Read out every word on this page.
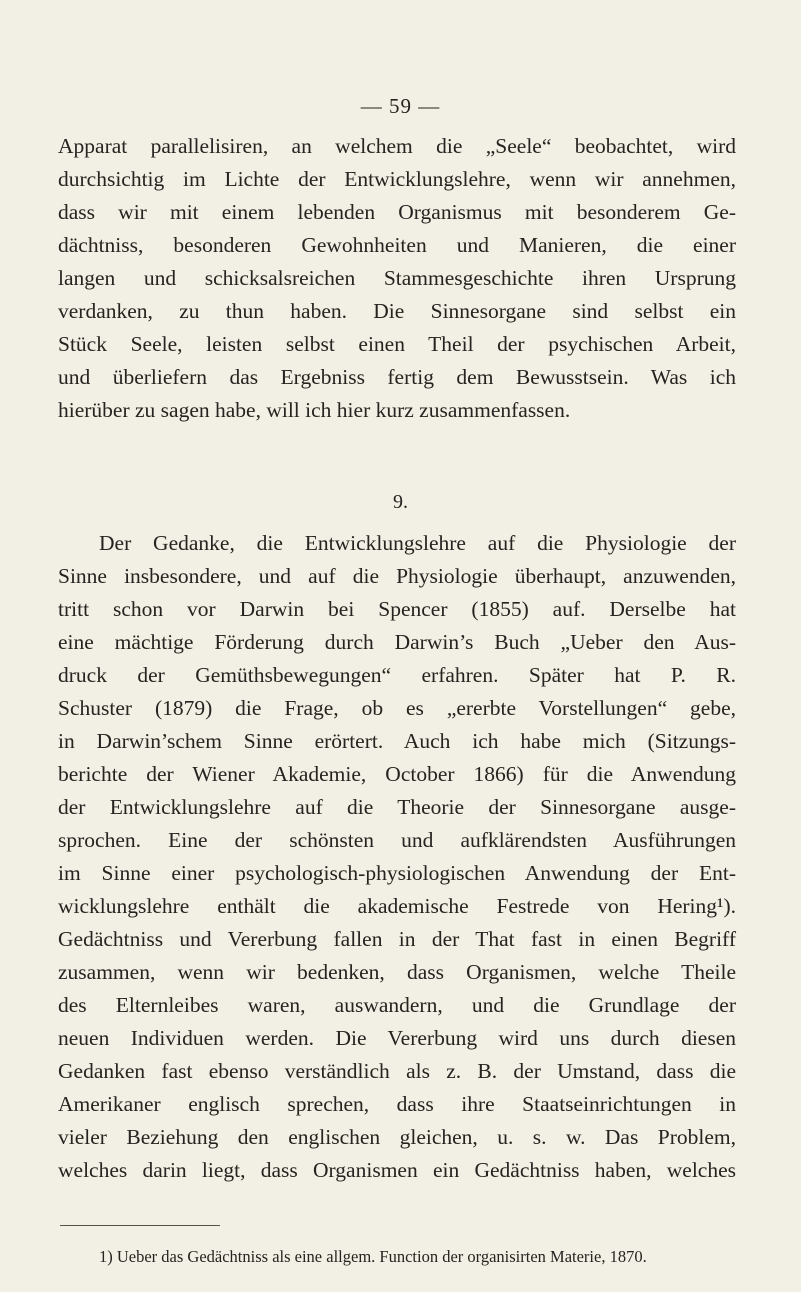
— 59 —
Apparat parallelisiren, an welchem die „Seele“ beobachtet, wird
durchsichtig im Lichte der Entwicklungslehre, wenn wir annehmen,
dass wir mit einem lebenden Organismus mit besonderem Ge-
dächtniss, besonderen Gewohnheiten und Manieren, die einer
langen und schicksalsreichen Stammesgeschichte ihren Ursprung
verdanken, zu thun haben. Die Sinnesorgane sind selbst ein
Stück Seele, leisten selbst einen Theil der psychischen Arbeit,
und überliefern das Ergebniss fertig dem Bewusstsein. Was ich
hierüber zu sagen habe, will ich hier kurz zusammenfassen.
9.
Der Gedanke, die Entwicklungslehre auf die Physiologie der
Sinne insbesondere, und auf die Physiologie überhaupt, anzuwenden,
tritt schon vor Darwin bei Spencer (1855) auf. Derselbe hat
eine mächtige Förderung durch Darwin’s Buch „Ueber den Aus-
druck der Gemüthsbewegungen“ erfahren. Später hat P. R.
Schuster (1879) die Frage, ob es „ererbte Vorstellungen“ gebe,
in Darwin’schem Sinne erörtert. Auch ich habe mich (Sitzungs-
berichte der Wiener Akademie, October 1866) für die Anwendung
der Entwicklungslehre auf die Theorie der Sinnesorgane ausge-
sprochen. Eine der schönsten und aufklärendsten Ausführungen
im Sinne einer psychologisch-physiologischen Anwendung der Ent-
wicklungslehre enthält die akademische Festrede von Hering¹).
Gedächtniss und Vererbung fallen in der That fast in einen Begriff
zusammen, wenn wir bedenken, dass Organismen, welche Theile
des Elternleibes waren, auswandern, und die Grundlage der
neuen Individuen werden. Die Vererbung wird uns durch diesen
Gedanken fast ebenso verständlich als z. B. der Umstand, dass die
Amerikaner englisch sprechen, dass ihre Staatseinrichtungen in
vieler Beziehung den englischen gleichen, u. s. w. Das Problem,
welches darin liegt, dass Organismen ein Gedächtniss haben, welches
1) Ueber das Gedächtniss als eine allgem. Function der organisirten Materie, 1870.
